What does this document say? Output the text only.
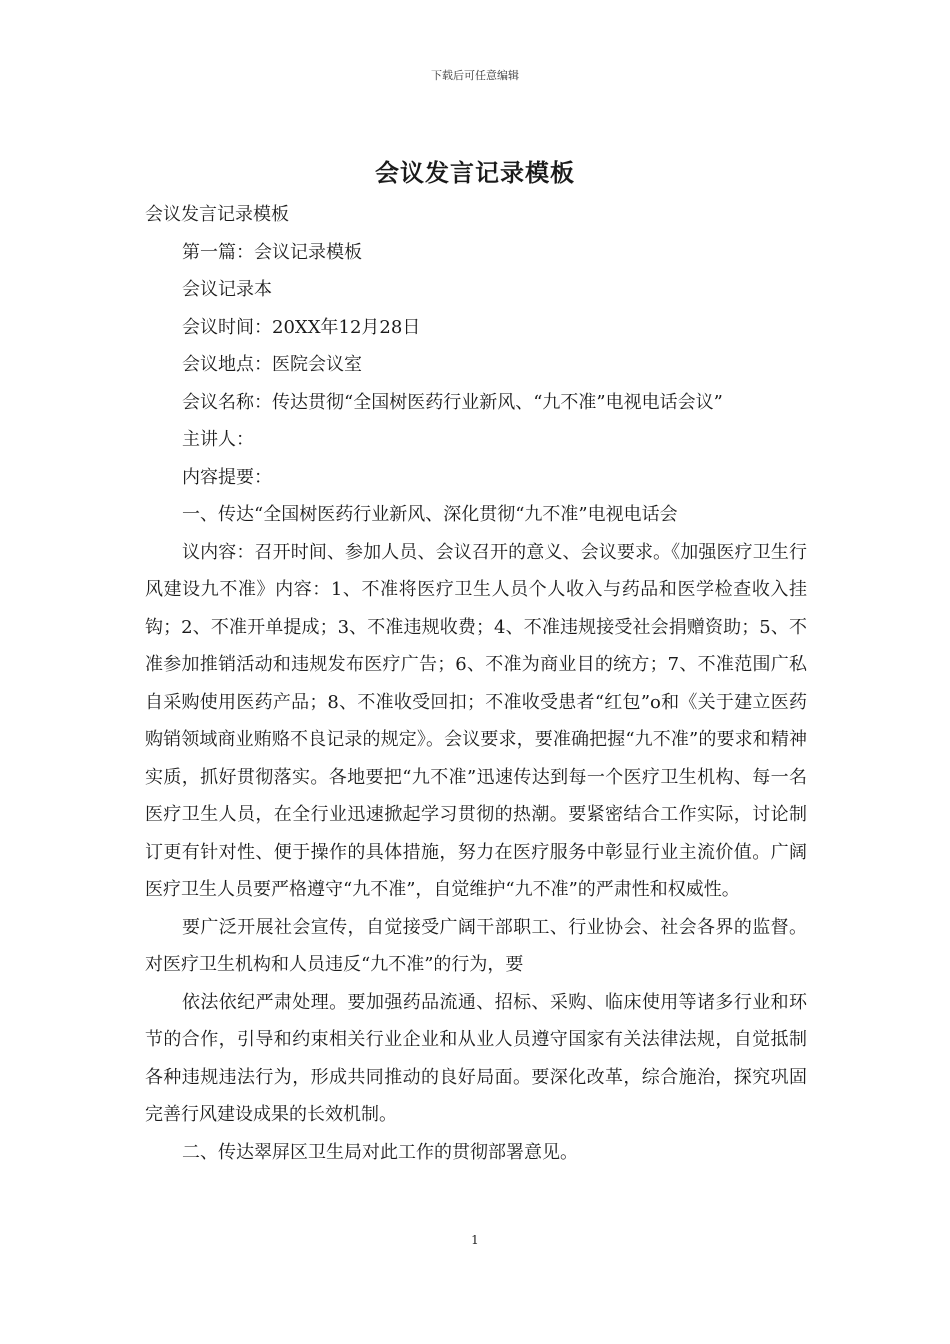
下载后可任意编辑
会议发言记录模板

会议发言记录模板

第一篇：会议记录模板

会议记录本

会议时间：20XX年12月28日

会议地点：医院会议室

会议名称：传达贯彻“全国树医药行业新风、“九不准”电视电话会议”

主讲人：

内容提要：

一、传达“全国树医药行业新风、深化贯彻“九不准”电视电话会

议内容：召开时间、参加人员、会议召开的意义、会议要求。《加强医疗卫生行风建设九不准》内容：1、不准将医疗卫生人员个人收入与药品和医学检查收入挂钩；2、不准开单提成；3、不准违规收费；4、不准违规接受社会捐赠资助；5、不准参加推销活动和违规发布医疗广告；6、不准为商业目的统方；7、不准范围广私自采购使用医药产品；8、不准收受回扣；不准收受患者“红包”o和《关于建立医药购销领域商业贿赂不良记录的规定》。会议要求，要准确把握“九不准”的要求和精神实质，抓好贯彻落实。各地要把“九不准”迅速传达到每一个医疗卫生机构、每一名医疗卫生人员，在全行业迅速掀起学习贯彻的热潮。要紧密结合工作实际，讨论制订更有针对性、便于操作的具体措施，努力在医疗服务中彰显行业主流价值。广阔医疗卫生人员要严格遵守“九不准”，自觉维护“九不准”的严肃性和权威性。

要广泛开展社会宣传，自觉接受广阔干部职工、行业协会、社会各界的监督。对医疗卫生机构和人员违反“九不准”的行为，要

依法依纪严肃处理。要加强药品流通、招标、采购、临床使用等诸多行业和环节的合作，引导和约束相关行业企业和从业人员遵守国家有关法律法规，自觉抵制各种违规违法行为，形成共同推动的良好局面。要深化改革，综合施治，探究巩固完善行风建设成果的长效机制。

二、传达翠屏区卫生局对此工作的贯彻部署意见。

1
